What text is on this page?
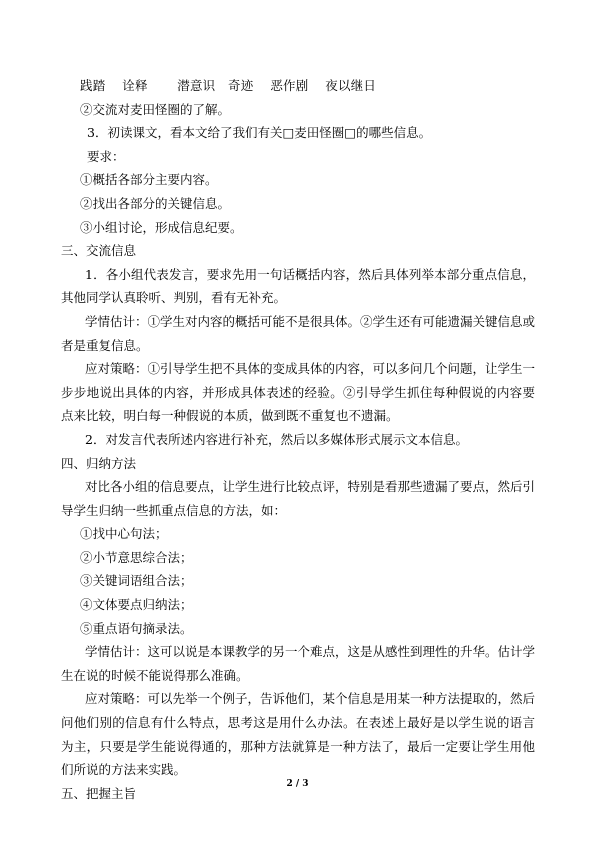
践踏　 诠释　　 潜意识　奇迹　 恶作剧　 夜以继日
②交流对麦田怪圈的了解。
3．初读课文，看本文给了我们有关□麦田怪圈□的哪些信息。
要求：
①概括各部分主要内容。
②找出各部分的关键信息。
③小组讨论，形成信息纪要。
三、交流信息
1．各小组代表发言，要求先用一句话概括内容，然后具体列举本部分重点信息，其他同学认真聆听、判别，看有无补充。
学情估计：①学生对内容的概括可能不是很具体。②学生还有可能遗漏关键信息或者是重复信息。
应对策略：①引导学生把不具体的变成具体的内容，可以多问几个问题，让学生一步步地说出具体的内容，并形成具体表述的经验。②引导学生抓住每种假说的内容要点来比较，明白每一种假说的本质，做到既不重复也不遗漏。
2．对发言代表所述内容进行补充，然后以多媒体形式展示文本信息。
四、归纳方法
对比各小组的信息要点，让学生进行比较点评，特别是看那些遗漏了要点，然后引导学生归纳一些抓重点信息的方法，如：
①找中心句法；
②小节意思综合法；
③关键词语组合法；
④文体要点归纳法；
⑤重点语句摘录法。
学情估计：这可以说是本课教学的另一个难点，这是从感性到理性的升华。估计学生在说的时候不能说得那么准确。
应对策略：可以先举一个例子，告诉他们，某个信息是用某一种方法提取的，然后问他们别的信息有什么特点，思考这是用什么办法。在表述上最好是以学生说的语言为主，只要是学生能说得通的，那种方法就算是一种方法了，最后一定要让学生用他们所说的方法来实践。
五、把握主旨
2 / 3
